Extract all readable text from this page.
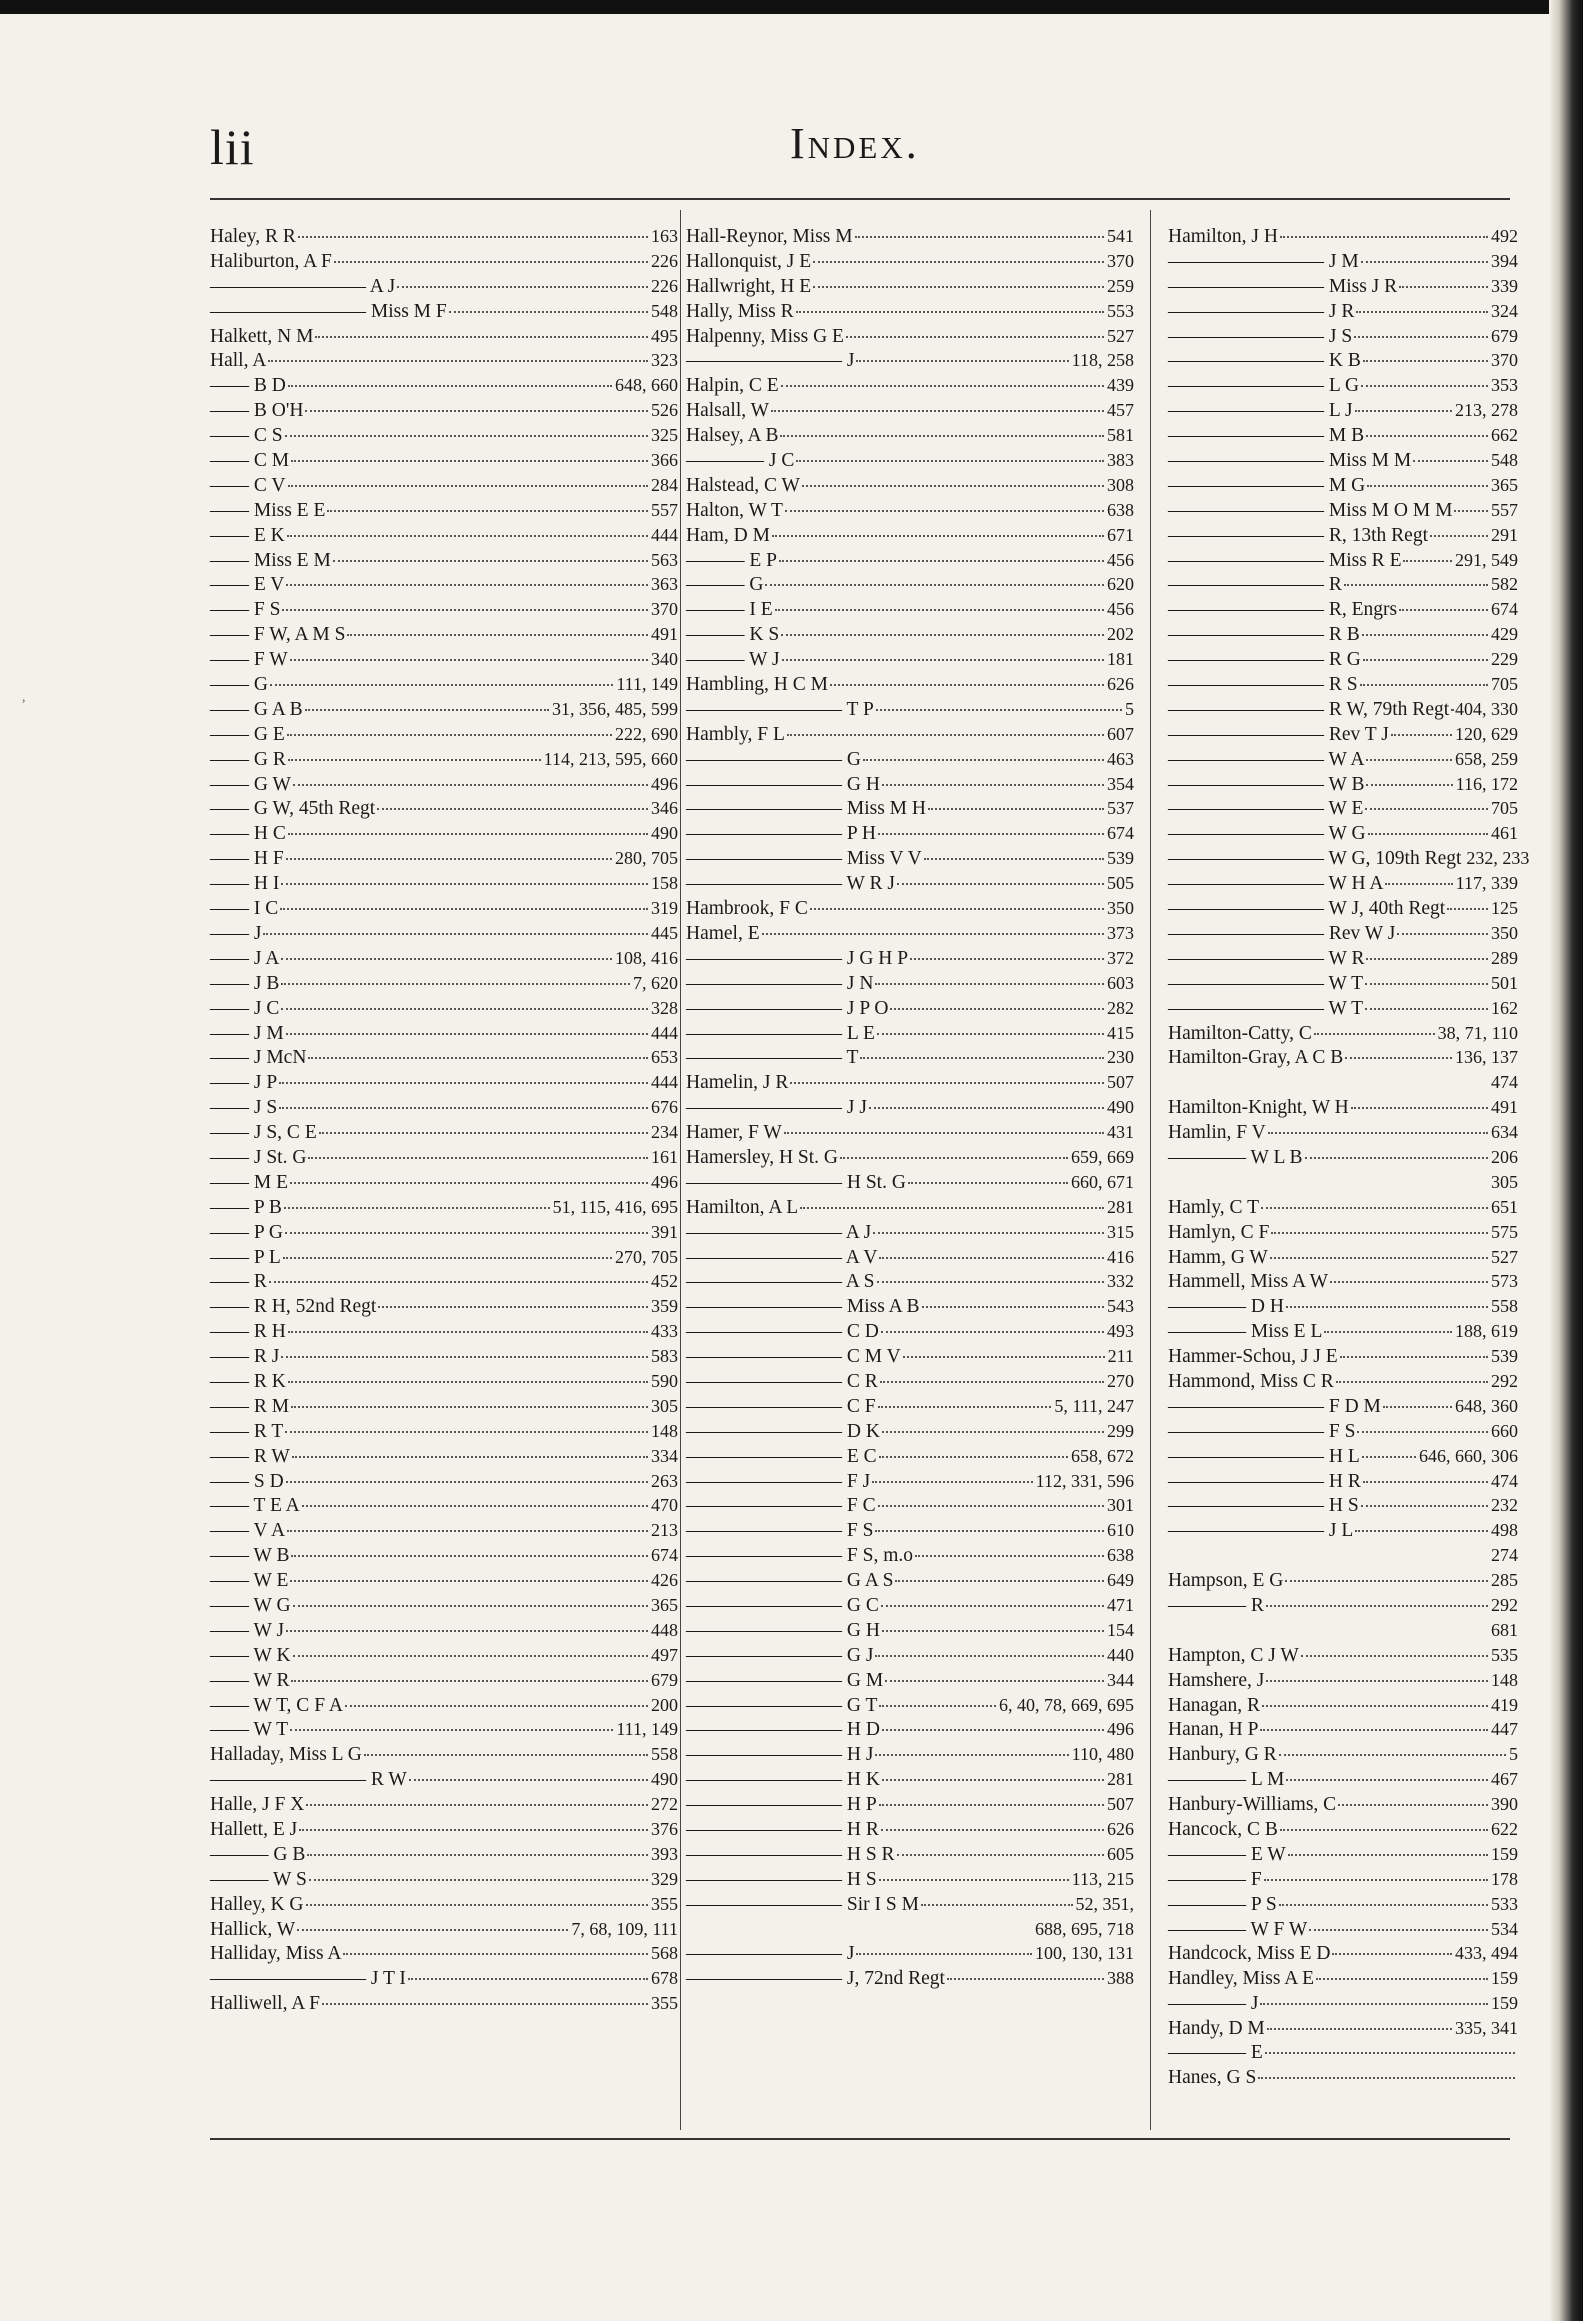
,
lii	Index.
Haley, R R	163
Haliburton, A F	226
———————— A J	226
———————— Miss M F	548
Halkett, N M	495
Hall, A	323
—— B D	648, 660
—— B O'H	526
—— C S	325
—— C M	366
—— C V	284
—— Miss E E	557
—— E K	444
—— Miss E M	563
—— E V	363
—— F S	370
—— F W, A M S	491
—— F W	340
—— G	111, 149
—— G A B	31, 356, 485, 599
—— G E	222, 690
—— G R	114, 213, 595, 660
—— G W	496
—— G W, 45th Regt	346
—— H C	490
—— H F	280, 705
—— H I	158
—— I C	319
—— J	445
—— J A	108, 416
—— J B	7, 620
—— J C	328
—— J M	444
—— J McN	653
—— J P	444
—— J S	676
—— J S, C E	234
—— J St. G	161
—— M E	496
—— P B	51, 115, 416, 695
—— P G	391
—— P L	270, 705
—— R	452
—— R H, 52nd Regt	359
—— R H	433
—— R J	583
—— R K	590
—— R M	305
—— R T	148
—— R W	334
—— S D	263
—— T E A	470
—— V A	213
—— W B	674
—— W E	426
—— W G	365
—— W J	448
—— W K	497
—— W R	679
—— W T, C F A	200
—— W T	111, 149
Halladay, Miss L G	558
———————— R W	490
Halle, J F X	272
Hallett, E J	376
——— G B	393
——— W S	329
Halley, K G	355
Hallick, W	7, 68, 109, 111
Halliday, Miss A	568
———————— J T I	678
Halliwell, A F	355
Hall-Reynor, Miss M	541
Hallonquist, J E	370
Hallwright, H E	259
Hally, Miss R	553
Halpenny, Miss G E	527
———————— J	118, 258
Halpin, C E	439
Halsall, W	457
Halsey, A B	581
———— J C	383
Halstead, C W	308
Halton, W T	638
Ham, D M	671
——— E P	456
——— G	620
——— I E	456
——— K S	202
——— W J	181
Hambling, H C M	626
———————— T P	5
Hambly, F L	607
———————— G	463
———————— G H	354
———————— Miss M H	537
———————— P H	674
———————— Miss V V	539
———————— W R J	505
Hambrook, F C	350
Hamel, E	373
———————— J G H P	372
———————— J N	603
———————— J P O	282
———————— L E	415
———————— T	230
Hamelin, J R	507
———————— J J	490
Hamer, F W	431
Hamersley, H St. G	659, 669
———————— H St. G	660, 671
Hamilton, A L	281
———————— A J	315
———————— A V	416
———————— A S	332
———————— Miss A B	543
———————— C D	493
———————— C M V	211
———————— C R	270
———————— C F	5, 111, 247
———————— D K	299
———————— E C	658, 672
———————— F J	112, 331, 596
———————— F C	301
———————— F S	610
———————— F S, m.o	638
———————— G A S	649
———————— G C	471
———————— G H	154
———————— G J	440
———————— G M	344
———————— G T	6, 40, 78, 669, 695
———————— H D	496
———————— H J	110, 480
———————— H K	281
———————— H P	507
———————— H R	626
———————— H S R	605
———————— H S	113, 215
———————— Sir I S M	52, 351,
688, 695, 718
———————— J	100, 130, 131
———————— J, 72nd Regt	388
Hamilton, J H	492
———————— J M	394
———————— Miss J R	339
———————— J R	324
———————— J S	679
———————— K B	370
———————— L G	353
———————— L J	213, 278
———————— M B	662
———————— Miss M M	548
———————— M G	365
———————— Miss M O M M 557
———————— R, 13th Regt	291
———————— Miss R E	291, 549
———————— R	582
———————— R, Engrs	674
———————— R B	429
———————— R G	229
———————— R S	705
———————— R W, 79th Regt 404, 330
———————— Rev T J	120, 629
———————— W A	658, 259
———————— W B	116, 172
———————— W E	705
———————— W G	461
———————— W G, 109th Regt 232, 233
———————— W H A	117, 339
———————— W J, 40th Regt	125
———————— Rev W J	350
———————— W R	289
———————— W T	501
———————— W T	162
Hamilton-Catty, C	38, 71, 110
Hamilton-Gray, A C B	136, 137
474
Hamilton-Knight, W H	491
Hamlin, F V	634
———— W L B	206
305
Hamly, C T	651
Hamlyn, C F	575
Hamm, G W	527
Hammell, Miss A W	573
———— D H	558
———— Miss E L	188, 619
Hammer-Schou, J J E	539
Hammond, Miss C R	292
———————— F D M	648, 360
———————— F S	660
———————— H L	646, 660, 306
———————— H R	474
———————— H S	232
———————— J L	498
274
Hampson, E G	285
———— R	292
681
Hampton, C J W	535
Hamshere, J	148
Hanagan, R	419
Hanan, H P	447
Hanbury, G R	5
———— L M	467
Hanbury-Williams, C	390
Hancock, C B	622
———— E W	159
———— F	178
———— P S	533
———— W F W	534
Handcock, Miss E D	433, 494
Handley, Miss A E	159
———— J	159
Handy, D M	335, 341
———— E
Hanes, G S
